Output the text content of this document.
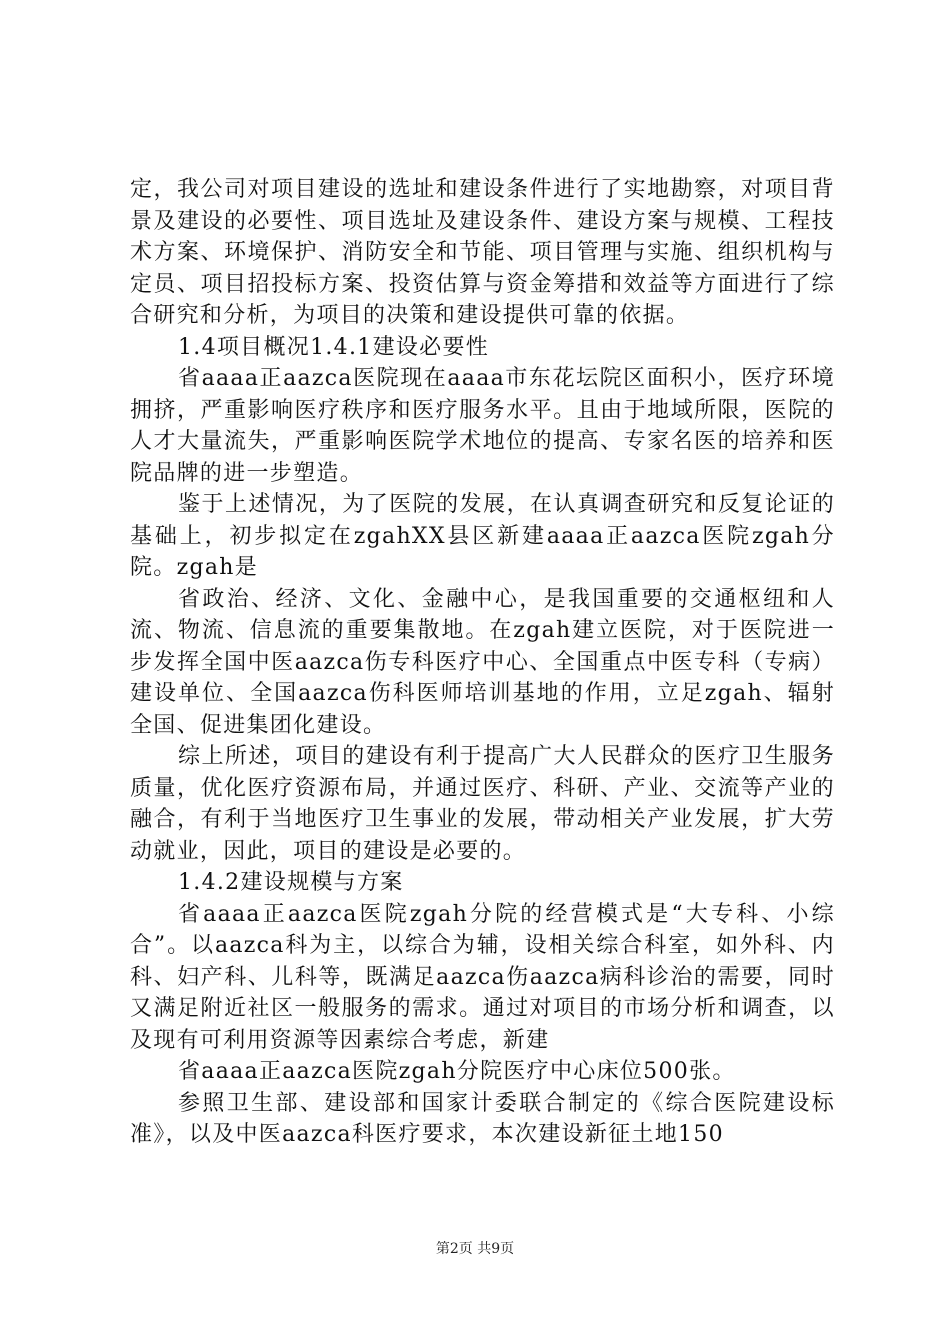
定，我公司对项目建设的选址和建设条件进行了实地勘察，对项目背景及建设的必要性、项目选址及建设条件、建设方案与规模、工程技术方案、环境保护、消防安全和节能、项目管理与实施、组织机构与定员、项目招投标方案、投资估算与资金筹措和效益等方面进行了综合研究和分析，为项目的决策和建设提供可靠的依据。

1.4项目概况1.4.1建设必要性

省aaaa正aazca医院现在aaaa市东花坛院区面积小，医疗环境拥挤，严重影响医疗秩序和医疗服务水平。且由于地域所限，医院的人才大量流失，严重影响医院学术地位的提高、专家名医的培养和医院品牌的进一步塑造。

鉴于上述情况，为了医院的发展，在认真调查研究和反复论证的基础上，初步拟定在zgahXX县区新建aaaa正aazca医院zgah分院。zgah是

省政治、经济、文化、金融中心，是我国重要的交通枢纽和人流、物流、信息流的重要集散地。在zgah建立医院，对于医院进一步发挥全国中医aazca伤专科医疗中心、全国重点中医专科（专病）建设单位、全国aazca伤科医师培训基地的作用，立足zgah、辐射全国、促进集团化建设。

综上所述，项目的建设有利于提高广大人民群众的医疗卫生服务质量，优化医疗资源布局，并通过医疗、科研、产业、交流等产业的融合，有利于当地医疗卫生事业的发展，带动相关产业发展，扩大劳动就业，因此，项目的建设是必要的。

1.4.2建设规模与方案

省aaaa正aazca医院zgah分院的经营模式是“大专科、小综合”。以aazca科为主，以综合为辅，设相关综合科室，如外科、内科、妇产科、儿科等，既满足aazca伤aazca病科诊治的需要，同时又满足附近社区一般服务的需求。通过对项目的市场分析和调查，以及现有可利用资源等因素综合考虑，新建

省aaaa正aazca医院zgah分院医疗中心床位500张。

参照卫生部、建设部和国家计委联合制定的《综合医院建设标准》，以及中医aazca科医疗要求，本次建设新征土地150

第2页 共9页
